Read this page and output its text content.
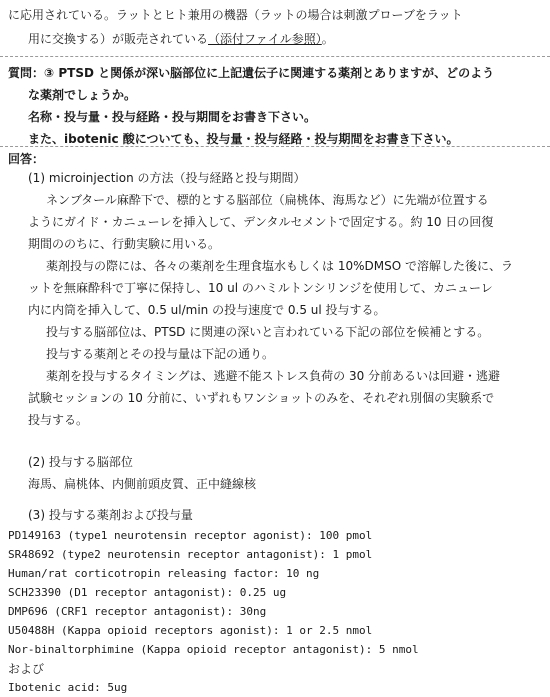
に応用されている。ラットとヒト兼用の機器（ラットの場合は刺激プローブをラット
用に交換する）が販売されている（添付ファイル参照）。
質問：③ PTSD と関係が深い脳部位に上記遺伝子に関連する薬剤とありますが、どのよう
な薬剤でしょうか。
名称・投与量・投与経路・投与期間をお書き下さい。
また、ibotenic 酸についても、投与量・投与経路・投与期間をお書き下さい。
回答：
(1) microinjection の方法（投与経路と投与期間）
ネンブタール麻酔下で、標的とする脳部位（扁桃体、海馬など）に先端が位置する
ようにガイド・カニューレを挿入して、デンタルセメントで固定する。約 10 日の回復
期間ののちに、行動実験に用いる。
薬剤投与の際には、各々の薬剤を生理食塩水もしくは 10%DMSO で溶解した後に、ラ
ットを無麻酔科で丁寧に保持し、10 ul のハミルトンシリンジを使用して、カニューレ
内に内筒を挿入して、0.5 ul/min の投与速度で 0.5 ul 投与する。
投与する脳部位は、PTSD に関連の深いと言われている下記の部位を候補とする。
投与する薬剤とその投与量は下記の通り。
薬剤を投与するタイミングは、逃避不能ストレス負荷の 30 分前あるいは回避・逃避
試験セッションの 10 分前に、いずれもワンショットのみを、それぞれ別個の実験系で
投与する。
(2) 投与する脳部位
海馬、扁桃体、内側前頭皮質、正中縫線核
(3) 投与する薬剤および投与量
PD149163 (type1 neurotensin receptor agonist): 100 pmol
SR48692 (type2 neurotensin receptor antagonist): 1 pmol
Human/rat corticotropin releasing factor: 10 ng
SCH23390 (D1 receptor antagonist): 0.25 ug
DMP696 (CRF1 receptor antagonist): 30ng
U50488H (Kappa opioid receptors agonist): 1 or 2.5 nmol
Nor-binaltorphimine (Kappa opioid receptor antagonist): 5 nmol
および
Ibotenic acid: 5ug
